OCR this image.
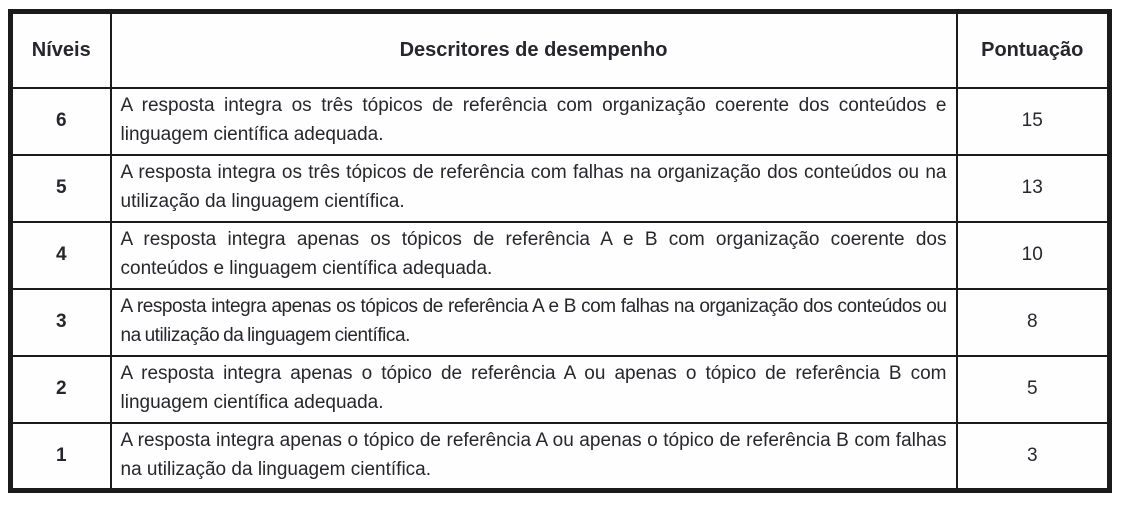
Níveis	Descritores de desempenho	Pontuação
6	A resposta integra os três tópicos de referência com organização coerente dos conteúdos e linguagem científica adequada.	15
5	A resposta integra os três tópicos de referência com falhas na organização dos conteúdos ou na utilização da linguagem científica.	13
4	A resposta integra apenas os tópicos de referência A e B com organização coerente dos conteúdos e linguagem científica adequada.	10
3	A resposta integra apenas os tópicos de referência A e B com falhas na organização dos conteúdos ou na utilização da linguagem científica.	8
2	A resposta integra apenas o tópico de referência A ou apenas o tópico de referência B com linguagem científica adequada.	5
1	A resposta integra apenas o tópico de referência A ou apenas o tópico de referência B com falhas na utilização da linguagem científica.	3
